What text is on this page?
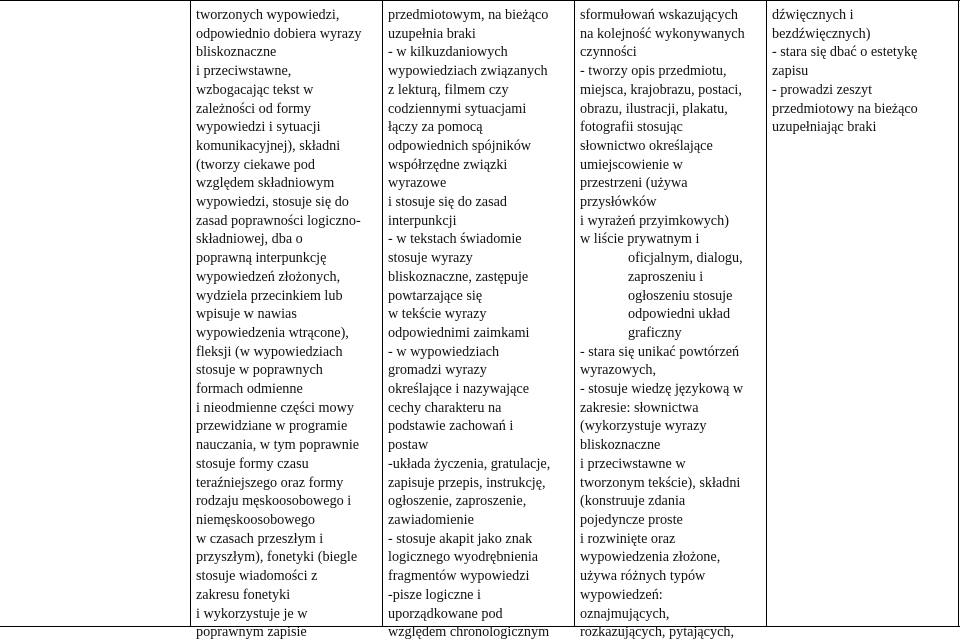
tworzonych wypowiedzi,

odpowiednio dobiera wyrazy

bliskoznaczne

i przeciwstawne,

wzbogacając tekst w

zależności od formy

wypowiedzi i sytuacji

komunikacyjnej), składni

(tworzy ciekawe pod

względem składniowym

wypowiedzi, stosuje się do

zasad poprawności logiczno-

składniowej, dba o

poprawną interpunkcję

wypowiedzeń złożonych,

wydziela przecinkiem lub

wpisuje w nawias

wypowiedzenia wtrącone),

fleksji (w wypowiedziach

stosuje w poprawnych

formach odmienne

i nieodmienne części mowy

przewidziane w programie

nauczania, w tym poprawnie

stosuje formy czasu

teraźniejszego oraz formy

rodzaju męskoosobowego i

niemęskoosobowego

w czasach przeszłym i

przyszłym), fonetyki (biegle

stosuje wiadomości z

zakresu fonetyki

i wykorzystuje je w

poprawnym zapisie

przedmiotowym, na bieżąco

uzupełnia braki

- w kilkuzdaniowych

wypowiedziach związanych

z lekturą, filmem czy

codziennymi sytuacjami

łączy za pomocą

odpowiednich spójników

współrzędne związki

wyrazowe

i stosuje się do zasad

interpunkcji

- w tekstach świadomie

stosuje wyrazy

bliskoznaczne, zastępuje

powtarzające się

w tekście wyrazy

odpowiednimi zaimkami

- w wypowiedziach

gromadzi wyrazy

określające i nazywające

cechy charakteru na

podstawie zachowań i

postaw

-układa życzenia, gratulacje,

zapisuje przepis, instrukcję,

ogłoszenie, zaproszenie,

zawiadomienie

- stosuje akapit jako znak

logicznego wyodrębnienia

fragmentów wypowiedzi

-pisze logiczne i

uporządkowane pod

względem chronologicznym

sformułowań wskazujących

na kolejność wykonywanych

czynności

- tworzy opis przedmiotu,

miejsca, krajobrazu, postaci,

obrazu, ilustracji, plakatu,

fotografii stosując

słownictwo określające

umiejscowienie w

przestrzeni (używa

przysłówków

i wyrażeń przyimkowych)

w liście prywatnym i

oficjalnym, dialogu,

zaproszeniu i

ogłoszeniu stosuje

odpowiedni układ

graficzny

- stara się unikać powtórzeń

wyrazowych,

- stosuje wiedzę językową w

zakresie: słownictwa

(wykorzystuje wyrazy

bliskoznaczne

i przeciwstawne w

tworzonym tekście), składni

(konstruuje zdania

pojedyncze proste

i rozwinięte oraz

wypowiedzenia złożone,

używa różnych typów

wypowiedzeń:

oznajmujących,

rozkazujących, pytających,

dźwięcznych i

bezdźwięcznych)

- stara się dbać o estetykę

zapisu

- prowadzi zeszyt

przedmiotowy na bieżąco

uzupełniając braki
